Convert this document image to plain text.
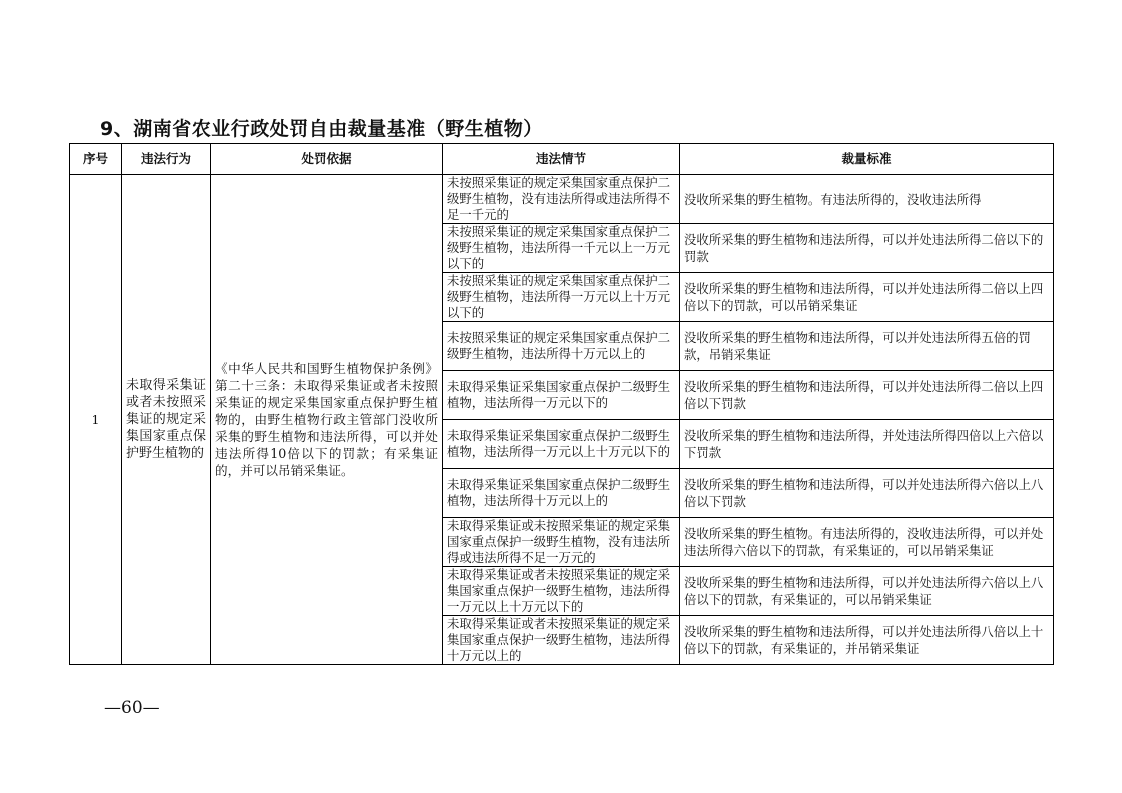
9、湖南省农业行政处罚自由裁量基准（野生植物）
序号	违法行为	处罚依据	违法情节	裁量标准
1	未取得采集证或者未按照采集证的规定采集国家重点保护野生植物的	《中华人民共和国野生植物保护条例》第二十三条：未取得采集证或者未按照采集证的规定采集国家重点保护野生植物的，由野生植物行政主管部门没收所采集的野生植物和违法所得，可以并处违法所得10倍以下的罚款；有采集证的，并可以吊销采集证。	未按照采集证的规定采集国家重点保护二级野生植物，没有违法所得或违法所得不足一千元的	没收所采集的野生植物。有违法所得的，没收违法所得
			未按照采集证的规定采集国家重点保护二级野生植物，违法所得一千元以上一万元以下的	没收所采集的野生植物和违法所得，可以并处违法所得二倍以下的罚款
			未按照采集证的规定采集国家重点保护二级野生植物，违法所得一万元以上十万元以下的	没收所采集的野生植物和违法所得，可以并处违法所得二倍以上四倍以下的罚款，可以吊销采集证
			未按照采集证的规定采集国家重点保护二级野生植物，违法所得十万元以上的	没收所采集的野生植物和违法所得，可以并处违法所得五倍的罚款，吊销采集证
			未取得采集证采集国家重点保护二级野生植物，违法所得一万元以下的	没收所采集的野生植物和违法所得，可以并处违法所得二倍以上四倍以下罚款
			未取得采集证采集国家重点保护二级野生植物，违法所得一万元以上十万元以下的	没收所采集的野生植物和违法所得，并处违法所得四倍以上六倍以下罚款
			未取得采集证采集国家重点保护二级野生植物，违法所得十万元以上的	没收所采集的野生植物和违法所得，可以并处违法所得六倍以上八倍以下罚款
			未取得采集证或未按照采集证的规定采集国家重点保护一级野生植物，没有违法所得或违法所得不足一万元的	没收所采集的野生植物。有违法所得的，没收违法所得，可以并处违法所得六倍以下的罚款，有采集证的，可以吊销采集证
			未取得采集证或者未按照采集证的规定采集国家重点保护一级野生植物，违法所得一万元以上十万元以下的	没收所采集的野生植物和违法所得，可以并处违法所得六倍以上八倍以下的罚款，有采集证的，可以吊销采集证
			未取得采集证或者未按照采集证的规定采集国家重点保护一级野生植物，违法所得十万元以上的	没收所采集的野生植物和违法所得，可以并处违法所得八倍以上十倍以下的罚款，有采集证的，并吊销采集证
—60—
